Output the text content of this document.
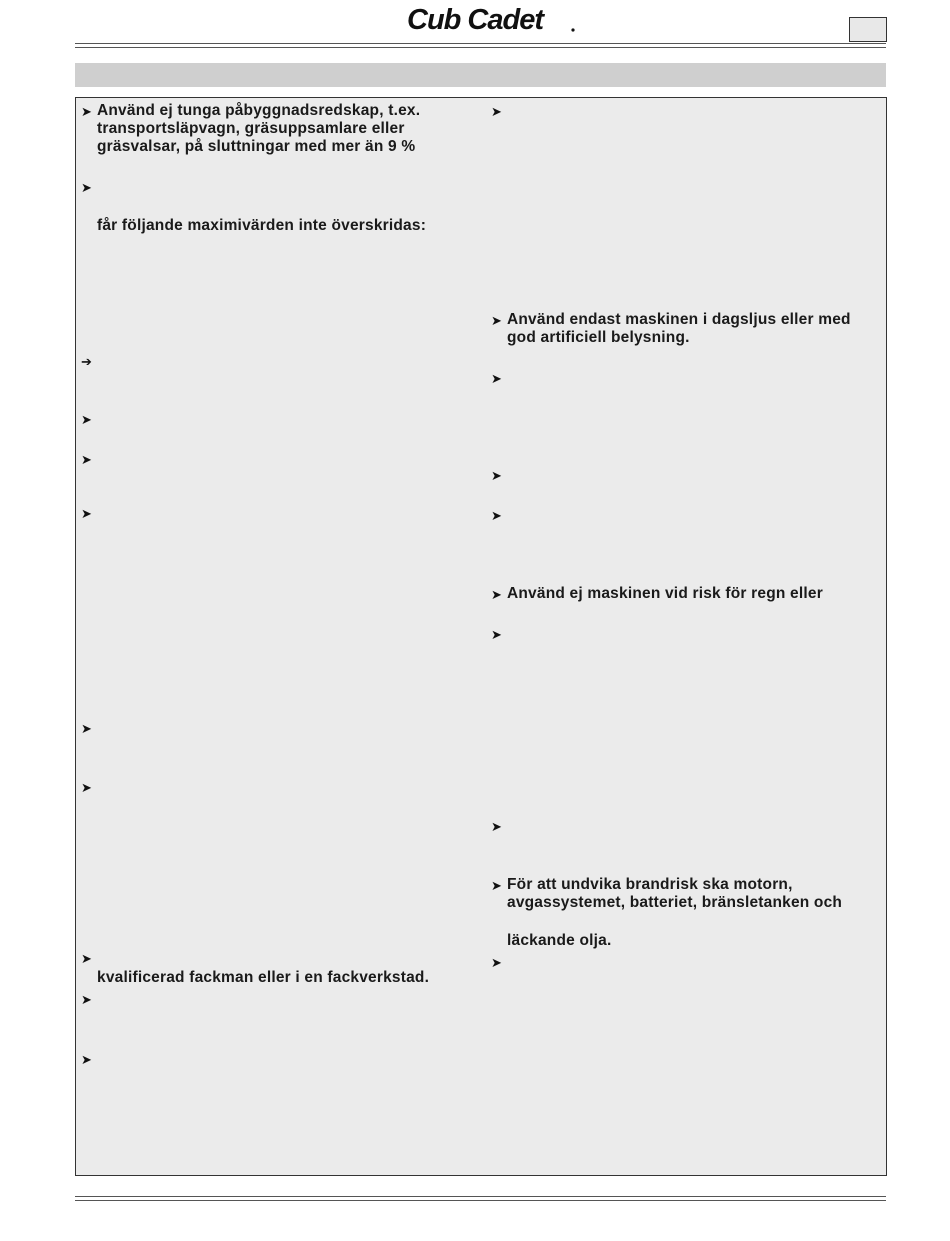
Cub Cadet
➤
➤
➔
➤
➤
➤
➤
➤
➤
➤
➤
Använd ej tunga påbyggnadsredskap, t.ex.
transportsläpvagn, gräsuppsamlare eller
gräsvalsar, på sluttningar med mer än 9 %
får följande maximivärden inte överskridas:
kvalificerad fackman eller i en fackverkstad.
➤
➤
➤
➤
➤
➤
➤
➤
➤
➤
Använd endast maskinen i dagsljus eller med
god artificiell belysning.
Använd ej maskinen vid risk för regn eller
För att undvika brandrisk ska motorn,
avgassystemet, batteriet, bränsletanken och
läckande olja.
